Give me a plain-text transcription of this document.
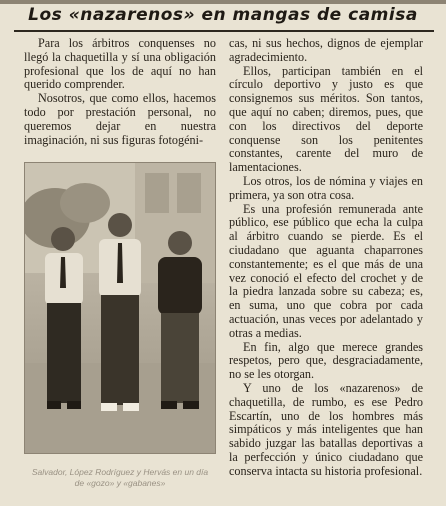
Los «nazarenos» en mangas de camisa

Para los árbitros conquenses no llegó la chaquetilla y sí una obligación profesional que los de aquí no han querido comprender.

Nosotros, que como ellos, hacemos todo por prestación personal, no queremos dejar en nuestra imaginación, ni sus figuras fotogéni-

Salvador, López Rodríguez y Hervás en un día de «gozo» y «gabanes»

cas, ni sus hechos, dignos de ejemplar agradecimiento.

Ellos, participan también en el círculo deportivo y justo es que consignemos sus méritos. Son tantos, que aquí no caben; diremos, pues, que con los directivos del deporte conquense son los penitentes constantes, carente del muro de lamentaciones.

Los otros, los de nómina y viajes en primera, ya son otra cosa.

Es una profesión remunerada ante público, ese público que echa la culpa al árbitro cuando se pierde. Es el ciudadano que aguanta chaparrones constantemente; es el que más de una vez conoció el efecto del crochet y de la piedra lanzada sobre su cabeza; es, en suma, uno que cobra por cada actuación, unas veces por adelantado y otras a medias.

En fin, algo que merece grandes respetos, pero que, desgraciadamente, no se les otorgan.

Y uno de los «nazarenos» de chaquetilla, de rumbo, es ese Pedro Escartín, uno de los hombres más simpáticos y más inteligentes que han sabido juzgar las batallas deportivas a la perfección y único ciudadano que conserva intacta su historia profesional.
